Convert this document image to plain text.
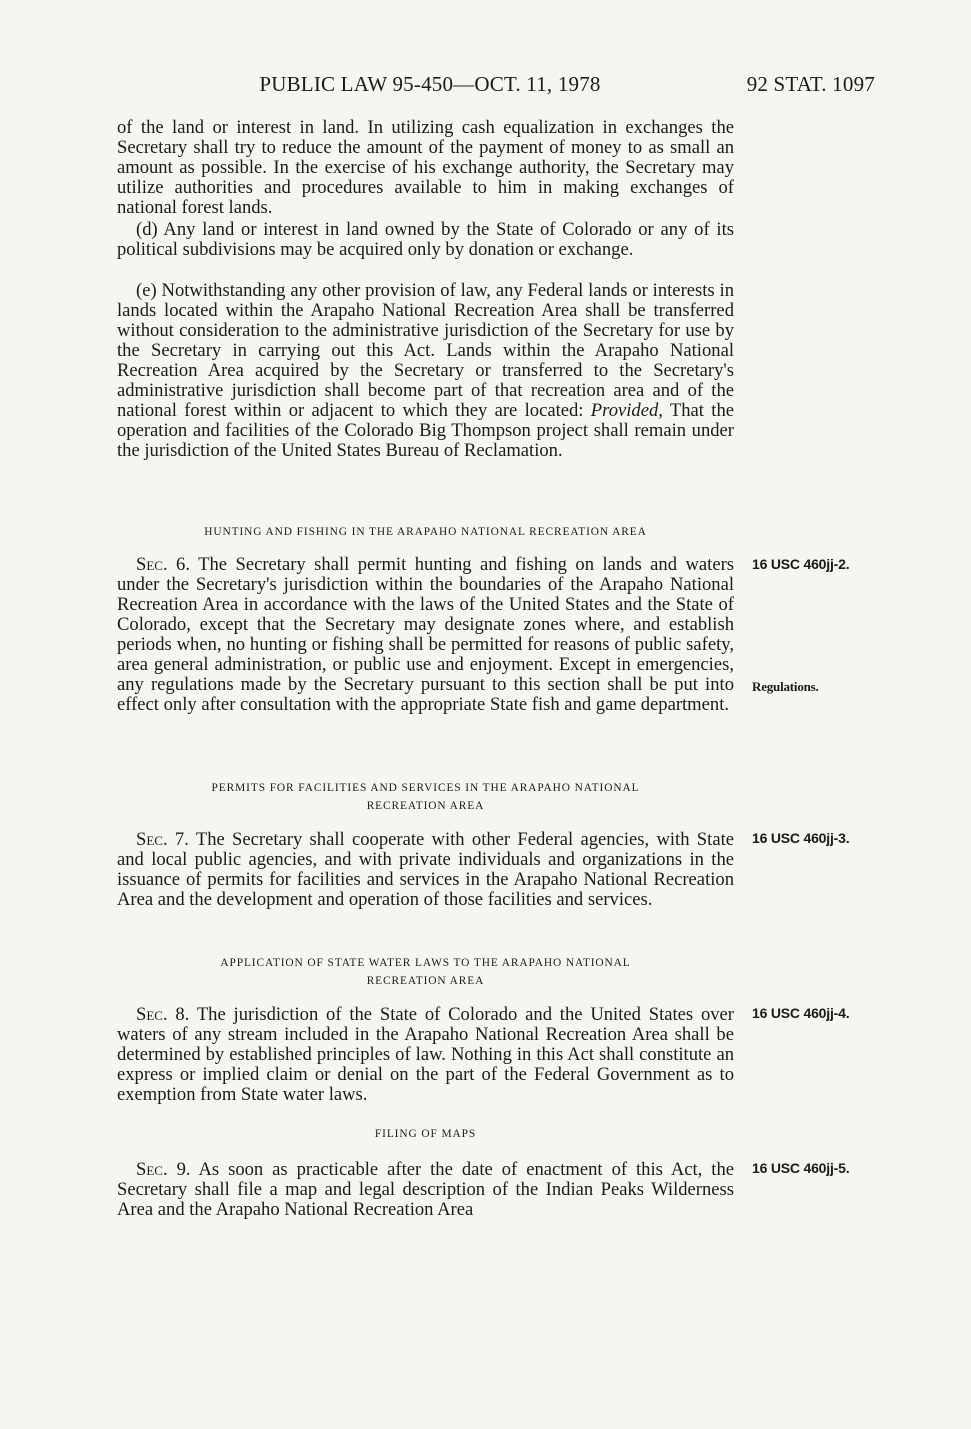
PUBLIC LAW 95-450—OCT. 11, 1978	92 STAT. 1097

of the land or interest in land. In utilizing cash equalization in exchanges the Secretary shall try to reduce the amount of the payment of money to as small an amount as possible. In the exercise of his exchange authority, the Secretary may utilize authorities and procedures available to him in making exchanges of national forest lands.

(d) Any land or interest in land owned by the State of Colorado or any of its political subdivisions may be acquired only by donation or exchange.

(e) Notwithstanding any other provision of law, any Federal lands or interests in lands located within the Arapaho National Recreation Area shall be transferred without consideration to the administrative jurisdiction of the Secretary for use by the Secretary in carrying out this Act. Lands within the Arapaho National Recreation Area acquired by the Secretary or transferred to the Secretary's administrative jurisdiction shall become part of that recreation area and of the national forest within or adjacent to which they are located: Provided, That the operation and facilities of the Colorado Big Thompson project shall remain under the jurisdiction of the United States Bureau of Reclamation.

HUNTING AND FISHING IN THE ARAPAHO NATIONAL RECREATION AREA

Sec. 6. The Secretary shall permit hunting and fishing on lands and waters under the Secretary's jurisdiction within the boundaries of the Arapaho National Recreation Area in accordance with the laws of the United States and the State of Colorado, except that the Secretary may designate zones where, and establish periods when, no hunting or fishing shall be permitted for reasons of public safety, area general administration, or public use and enjoyment. Except in emergencies, any regulations made by the Secretary pursuant to this section shall be put into effect only after consultation with the appropriate State fish and game department.

16 USC 460jj-2.
Regulations.

PERMITS FOR FACILITIES AND SERVICES IN THE ARAPAHO NATIONAL

RECREATION AREA

Sec. 7. The Secretary shall cooperate with other Federal agencies, with State and local public agencies, and with private individuals and organizations in the issuance of permits for facilities and services in the Arapaho National Recreation Area and the development and operation of those facilities and services.

16 USC 460jj-3.

APPLICATION OF STATE WATER LAWS TO THE ARAPAHO NATIONAL

RECREATION AREA

Sec. 8. The jurisdiction of the State of Colorado and the United States over waters of any stream included in the Arapaho National Recreation Area shall be determined by established principles of law. Nothing in this Act shall constitute an express or implied claim or denial on the part of the Federal Government as to exemption from State water laws.

16 USC 460jj-4.

FILING OF MAPS

Sec. 9. As soon as practicable after the date of enactment of this Act, the Secretary shall file a map and legal description of the Indian Peaks Wilderness Area and the Arapaho National Recreation Area

16 USC 460jj-5.
